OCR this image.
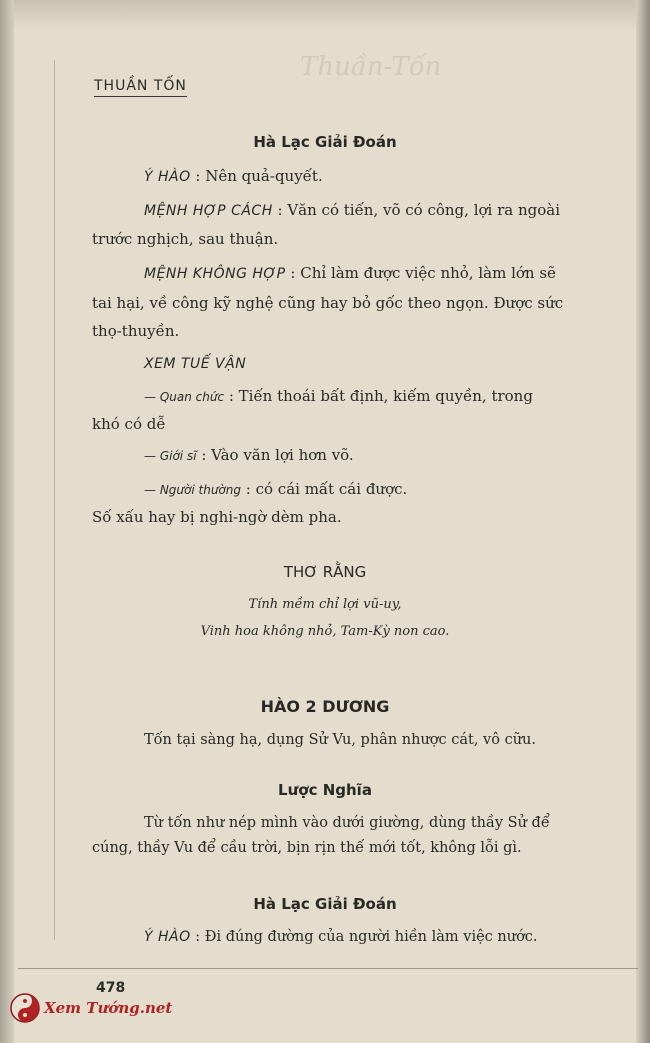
Thuần-Tốn
THUẦN TỐN
Hà Lạc Giải Đoán
Ý HÀO : Nên quả-quyết.
MỆNH HỢP CÁCH : Văn có tiến, võ có công, lợi ra ngoài
trước nghịch, sau thuận.
MỆNH KHÔNG HỢP : Chỉ làm được việc nhỏ, làm lớn sẽ
tai hại, về công kỹ nghệ cũng hay bỏ gốc theo ngọn. Được sức
thọ-thuyền.
XEM TUẾ VẬN
— Quan chức : Tiến thoái bất định, kiếm quyền, trong
khó có dễ
— Giới sĩ : Vào văn lợi hơn võ.
— Người thường : có cái mất cái được.
Số xấu hay bị nghi-ngờ dèm pha.
THƠ RẰNG
Tính mềm chỉ lợi vũ-uy,
Vinh hoa không nhỏ, Tam-Kỳ non cao.
HÀO 2 DƯƠNG
Tốn tại sàng hạ, dụng Sử Vu, phân nhược cát, vô cữu.
Lược Nghĩa
Từ tốn như nép mình vào dưới giường, dùng thầy Sử để
cúng, thầy Vu để cầu trời, bịn rịn thế mới tốt, không lỗi gì.
Hà Lạc Giải Đoán
Ý HÀO : Đi đúng đường của người hiền làm việc nước.
478
Xem Tướng.net
